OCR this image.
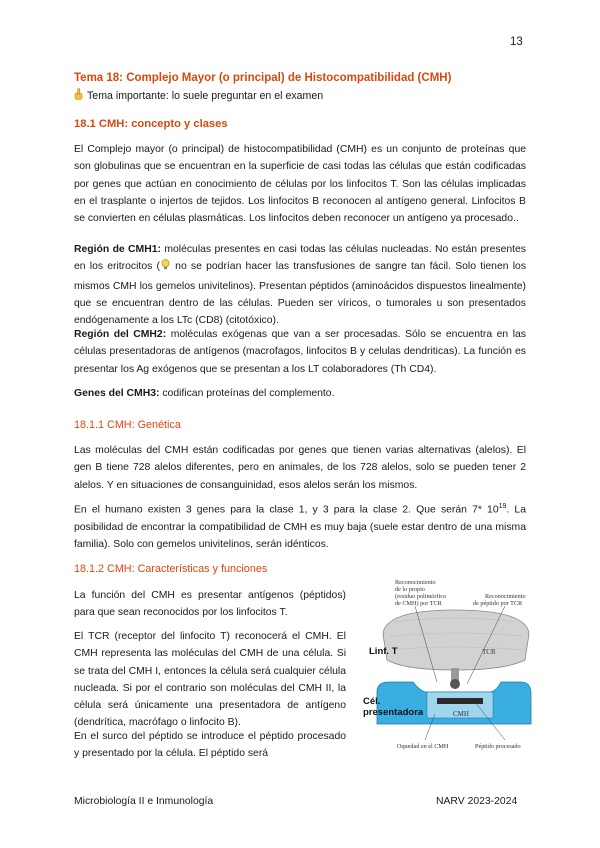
13
Tema 18: Complejo Mayor (o principal) de Histocompatibilidad (CMH)
Tema importante: lo suele preguntar en el examen
18.1 CMH: concepto y clases
El Complejo mayor (o principal) de histocompatibilidad (CMH) es un conjunto de proteínas que son globulinas que se encuentran en la superficie de casi todas las células que están codificadas por genes que actúan en conocimiento de células por los linfocitos T. Son las células implicadas en el trasplante o injertos de tejidos. Los linfocitos B reconocen al antígeno general. Linfocitos B se convierten en células plasmáticas. Los linfocitos deben reconocer un antígeno ya procesado..
Región de CMH1: moléculas presentes en casi todas las células nucleadas. No están presentes en los eritrocitos ( no se podrían hacer las transfusiones de sangre tan fácil. Solo tienen los mismos CMH los gemelos univitelinos). Presentan péptidos (aminoácidos dispuestos linealmente) que se encuentran dentro de las células. Pueden ser víricos, o tumorales u son presentados endógenamente a los LTc (CD8) (citotóxico).
Región del CMH2: moléculas exógenas que van a ser procesadas. Sólo se encuentra en las células presentadoras de antígenos (macrofagos, linfocitos B y celulas dendriticas). La función es presentar los Ag exógenos que se presentan a los LT colaboradores (Th CD4).
Genes del CMH3: codifican proteínas del complemento.
18.1.1 CMH: Genética
Las moléculas del CMH están codificadas por genes que tienen varias alternativas (alelos). El gen B tiene 728 alelos diferentes, pero en animales, de los 728 alelos, solo se pueden tener 2 alelos. Y en situaciones de consanguinidad, esos alelos serán los mismos.
En el humano existen 3 genes para la clase 1, y 3 para la clase 2. Que serán 7* $10^{19}$. La posibilidad de encontrar la compatibilidad de CMH es muy baja (suele estar dentro de una misma familia). Solo con gemelos univitelinos, serán idénticos.
18.1.2 CMH: Características y funciones
La función del CMH es presentar antígenos (péptidos) para que sean reconocidos por los linfocitos T.
El TCR (receptor del linfocito T) reconocerá el CMH. El CMH representa las moléculas del CMH de una célula. Si se trata del CMH I, entonces la célula será cualquier célula nucleada. Si por el contrario son moléculas del CMH II, la célula será únicamente una presentadora de antígeno (dendrítica, macrófago o linfocito B).
En el surco del péptido se introduce el péptido procesado y presentado por la célula. El péptido será
Reconocimiento
de lo propio
(residuo polimórfico
de CMH) por TCR
Reconocimiento
de péptido por TCR
TCR
CMH
Linf. T
Cél.
presentadora
Oquedad en el CMH	Péptido procesado
Microbiología II e Inmunología	NARV 2023-2024
